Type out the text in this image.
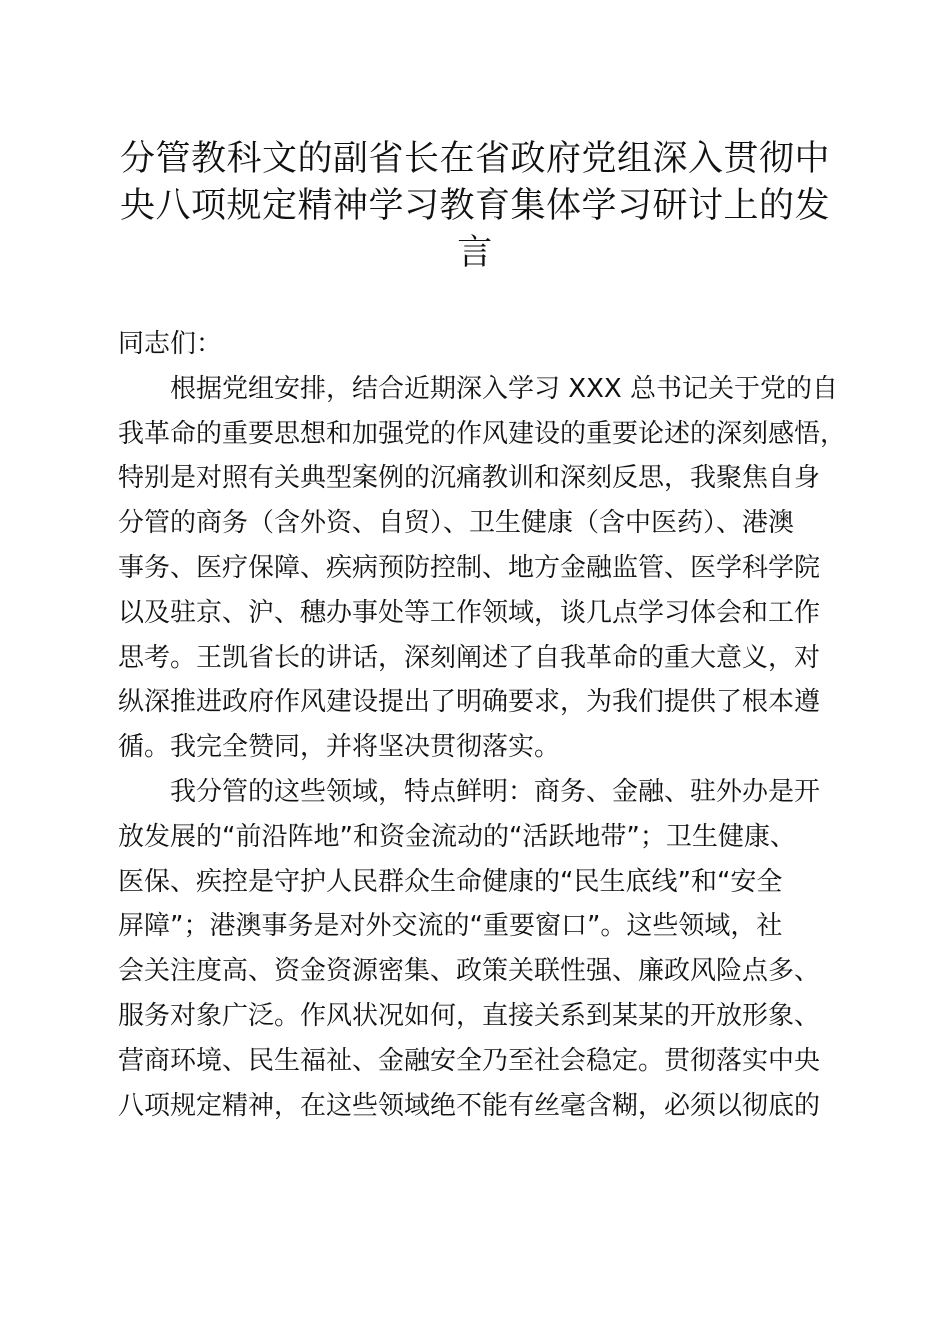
分管教科文的副省长在省政府党组深入贯彻中
央八项规定精神学习教育集体学习研讨上的发
言
同志们：
根据党组安排，结合近期深入学习 XXX 总书记关于党的自
我革命的重要思想和加强党的作风建设的重要论述的深刻感悟，
特别是对照有关典型案例的沉痛教训和深刻反思，我聚焦自身
分管的商务（含外资、自贸）、卫生健康（含中医药）、港澳
事务、医疗保障、疾病预防控制、地方金融监管、医学科学院
以及驻京、沪、穗办事处等工作领域，谈几点学习体会和工作
思考。王凯省长的讲话，深刻阐述了自我革命的重大意义，对
纵深推进政府作风建设提出了明确要求，为我们提供了根本遵
循。我完全赞同，并将坚决贯彻落实。
我分管的这些领域，特点鲜明：商务、金融、驻外办是开
放发展的“前沿阵地”和资金流动的“活跃地带”；卫生健康、
医保、疾控是守护人民群众生命健康的“民生底线”和“安全
屏障”；港澳事务是对外交流的“重要窗口”。这些领域，社
会关注度高、资金资源密集、政策关联性强、廉政风险点多、
服务对象广泛。作风状况如何，直接关系到某某的开放形象、
营商环境、民生福祉、金融安全乃至社会稳定。贯彻落实中央
八项规定精神，在这些领域绝不能有丝毫含糊，必须以彻底的
